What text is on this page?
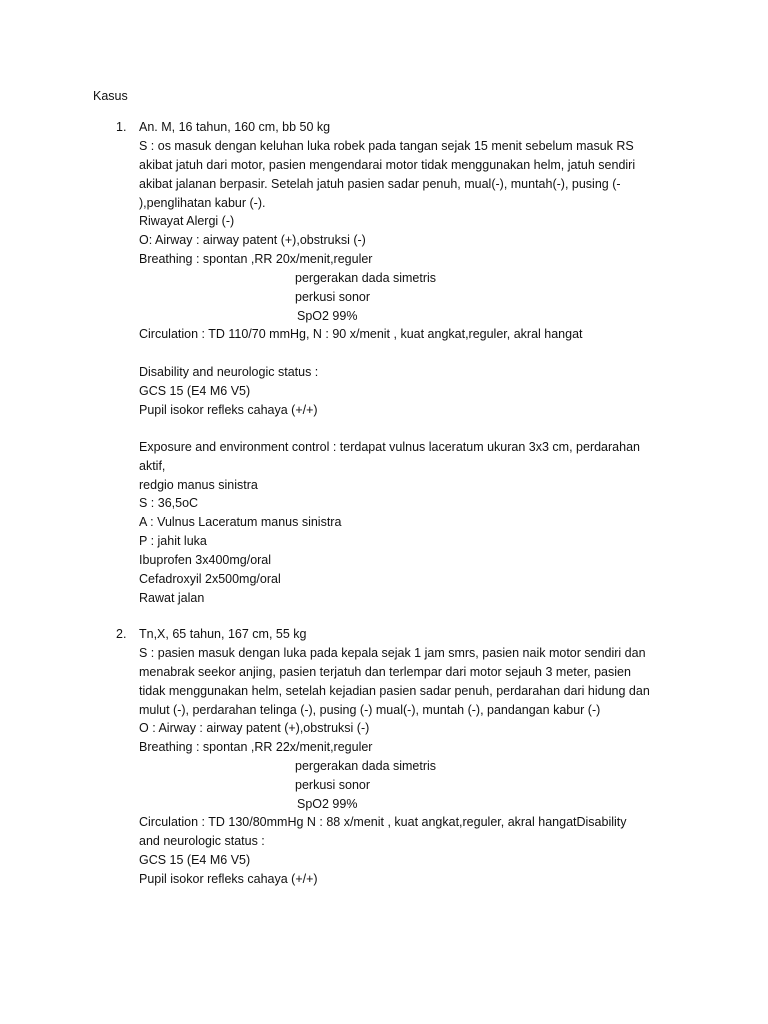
Kasus
1. An. M, 16 tahun, 160 cm, bb 50 kg
S : os masuk dengan keluhan luka robek pada tangan sejak 15 menit sebelum masuk RS
akibat jatuh dari motor, pasien mengendarai motor tidak menggunakan helm, jatuh sendiri
akibat jalanan berpasir. Setelah jatuh pasien sadar penuh, mual(-), muntah(-), pusing (-
),penglihatan kabur (-).
Riwayat Alergi (-)
O: Airway : airway patent (+),obstruksi (-)
Breathing : spontan ,RR 20x/menit,reguler
pergerakan dada simetris
perkusi sonor
SpO2 99%
Circulation : TD 110/70 mmHg, N : 90 x/menit , kuat angkat,reguler, akral hangat
Disability and neurologic status :
GCS 15 (E4 M6 V5)
Pupil isokor refleks cahaya (+/+)
Exposure and environment control : terdapat vulnus laceratum ukuran 3x3 cm, perdarahan
aktif,
redgio manus sinistra
S : 36,5oC
A : Vulnus Laceratum manus sinistra
P : jahit luka
Ibuprofen 3x400mg/oral
Cefadroxyil 2x500mg/oral
Rawat jalan
2. Tn,X, 65 tahun, 167 cm, 55 kg
S : pasien masuk dengan luka pada kepala sejak 1 jam smrs, pasien naik motor sendiri dan
menabrak seekor anjing, pasien terjatuh dan terlempar dari motor sejauh 3 meter, pasien
tidak menggunakan helm, setelah kejadian pasien sadar penuh, perdarahan dari hidung dan
mulut (-), perdarahan telinga (-), pusing (-) mual(-), muntah (-), pandangan kabur (-)
O : Airway : airway patent (+),obstruksi (-)
Breathing : spontan ,RR 22x/menit,reguler
pergerakan dada simetris
perkusi sonor
SpO2 99%
Circulation : TD 130/80mmHg N : 88 x/menit , kuat angkat,reguler, akral hangatDisability
and neurologic status :
GCS 15 (E4 M6 V5)
Pupil isokor refleks cahaya (+/+)
